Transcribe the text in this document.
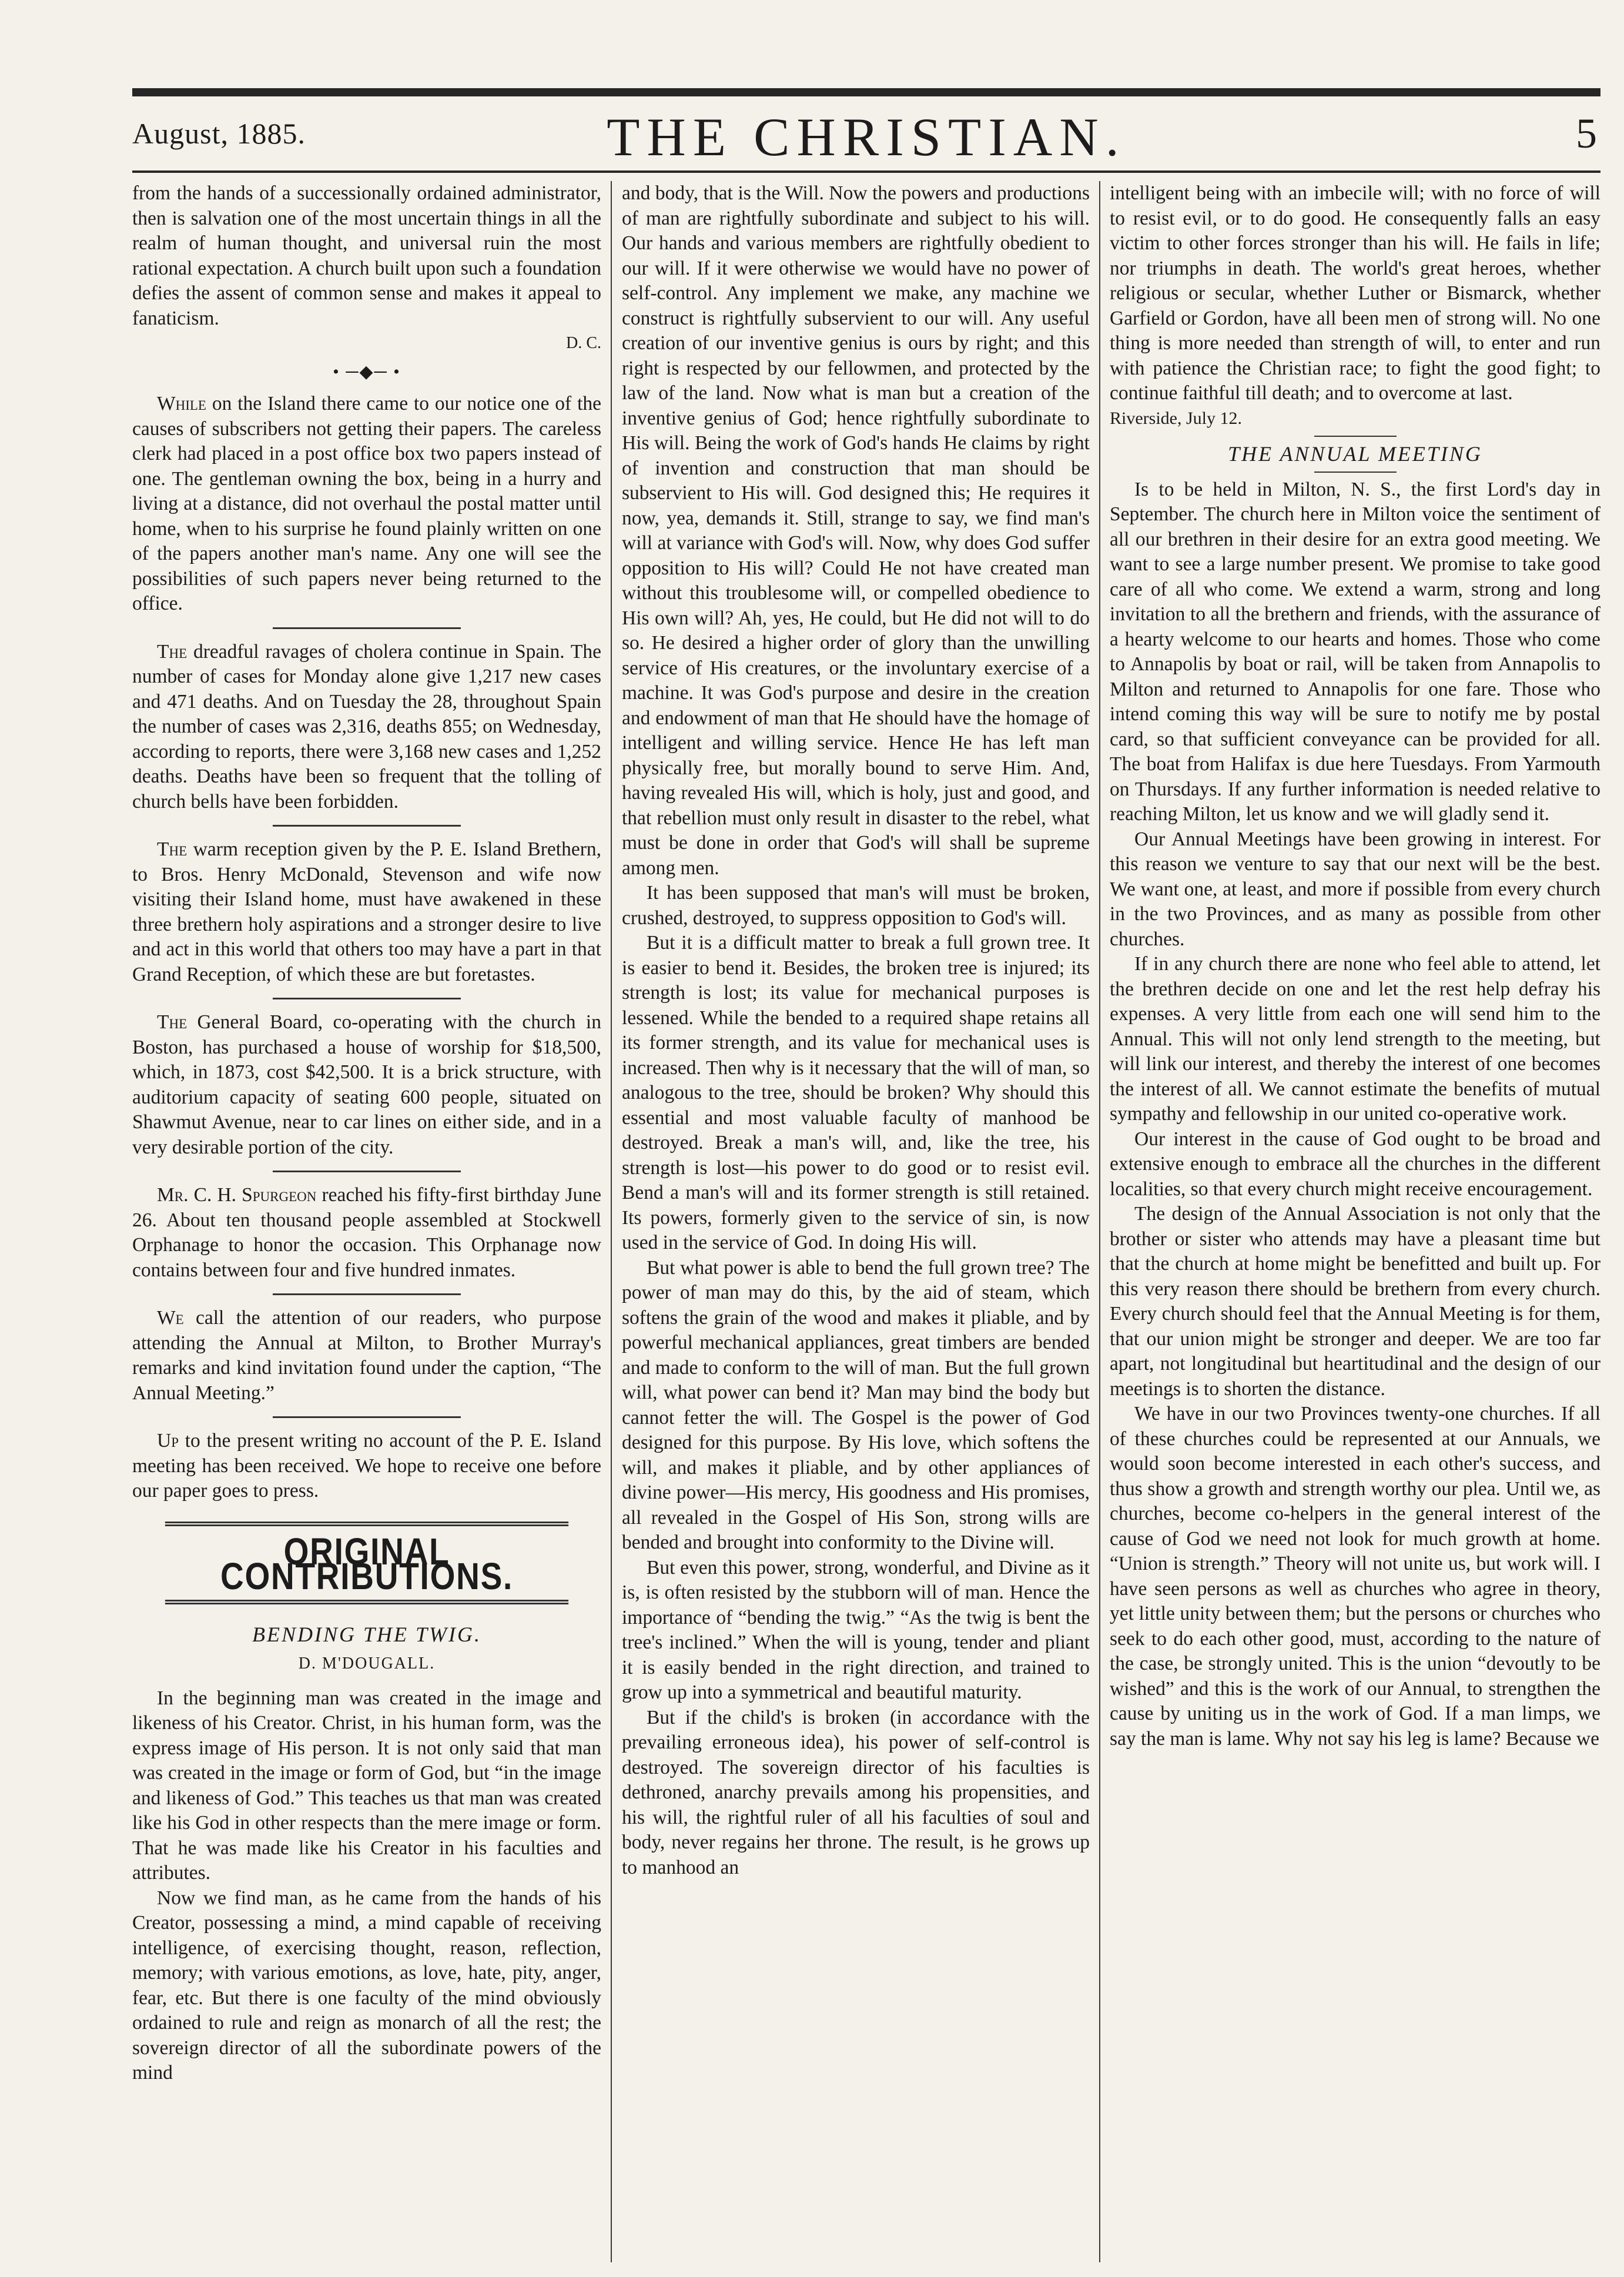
August, 1885.	THE CHRISTIAN.	5

from the hands of a successionally ordained administrator, then is salvation one of the most uncertain things in all the realm of human thought, and universal ruin the most rational expectation. A church built upon such a foundation defies the assent of common sense and makes it appeal to fanaticism.

D. C.
• ─◆─ •

While on the Island there came to our notice one of the causes of subscribers not getting their papers. The careless clerk had placed in a post office box two papers instead of one. The gentleman owning the box, being in a hurry and living at a distance, did not overhaul the postal matter until home, when to his surprise he found plainly written on one of the papers another man's name. Any one will see the possibilities of such papers never being returned to the office.

The dreadful ravages of cholera continue in Spain. The number of cases for Monday alone give 1,217 new cases and 471 deaths. And on Tuesday the 28, throughout Spain the number of cases was 2,316, deaths 855; on Wednesday, according to reports, there were 3,168 new cases and 1,252 deaths. Deaths have been so frequent that the tolling of church bells have been forbidden.

The warm reception given by the P. E. Island Brethern, to Bros. Henry McDonald, Stevenson and wife now visiting their Island home, must have awakened in these three brethern holy aspirations and a stronger desire to live and act in this world that others too may have a part in that Grand Reception, of which these are but foretastes.

The General Board, co-operating with the church in Boston, has purchased a house of worship for $18,500, which, in 1873, cost $42,500. It is a brick structure, with auditorium capacity of seating 600 people, situated on Shawmut Avenue, near to car lines on either side, and in a very desirable portion of the city.

Mr. C. H. Spurgeon reached his fifty-first birthday June 26. About ten thousand people assembled at Stockwell Orphanage to honor the occasion. This Orphanage now contains between four and five hundred inmates.

We call the attention of our readers, who purpose attending the Annual at Milton, to Brother Murray's remarks and kind invitation found under the caption, “The Annual Meeting.”

Up to the present writing no account of the P. E. Island meeting has been received. We hope to receive one before our paper goes to press.

ORIGINAL CONTRIBUTIONS.
BENDING THE TWIG.
D. M'DOUGALL.

In the beginning man was created in the image and likeness of his Creator. Christ, in his human form, was the express image of His person. It is not only said that man was created in the image or form of God, but “in the image and likeness of God.” This teaches us that man was created like his God in other respects than the mere image or form. That he was made like his Creator in his faculties and attributes.

Now we find man, as he came from the hands of his Creator, possessing a mind, a mind capable of receiving intelligence, of exercising thought, reason, reflection, memory; with various emotions, as love, hate, pity, anger, fear, etc. But there is one faculty of the mind obviously ordained to rule and reign as monarch of all the rest; the sovereign director of all the subordinate powers of the mind

and body, that is the Will. Now the powers and productions of man are rightfully subordinate and subject to his will. Our hands and various members are rightfully obedient to our will. If it were otherwise we would have no power of self-control. Any implement we make, any machine we construct is rightfully subservient to our will. Any useful creation of our inventive genius is ours by right; and this right is respected by our fellowmen, and protected by the law of the land. Now what is man but a creation of the inventive genius of God; hence rightfully subordinate to His will. Being the work of God's hands He claims by right of invention and construction that man should be subservient to His will. God designed this; He requires it now, yea, demands it. Still, strange to say, we find man's will at variance with God's will. Now, why does God suffer opposition to His will? Could He not have created man without this troublesome will, or compelled obedience to His own will? Ah, yes, He could, but He did not will to do so. He desired a higher order of glory than the unwilling service of His creatures, or the involuntary exercise of a machine. It was God's purpose and desire in the creation and endowment of man that He should have the homage of intelligent and willing service. Hence He has left man physically free, but morally bound to serve Him. And, having revealed His will, which is holy, just and good, and that rebellion must only result in disaster to the rebel, what must be done in order that God's will shall be supreme among men.

It has been supposed that man's will must be broken, crushed, destroyed, to suppress opposition to God's will.

But it is a difficult matter to break a full grown tree. It is easier to bend it. Besides, the broken tree is injured; its strength is lost; its value for mechanical purposes is lessened. While the bended to a required shape retains all its former strength, and its value for mechanical uses is increased. Then why is it necessary that the will of man, so analogous to the tree, should be broken? Why should this essential and most valuable faculty of manhood be destroyed. Break a man's will, and, like the tree, his strength is lost—his power to do good or to resist evil. Bend a man's will and its former strength is still retained. Its powers, formerly given to the service of sin, is now used in the service of God. In doing His will.

But what power is able to bend the full grown tree? The power of man may do this, by the aid of steam, which softens the grain of the wood and makes it pliable, and by powerful mechanical appliances, great timbers are bended and made to conform to the will of man. But the full grown will, what power can bend it? Man may bind the body but cannot fetter the will. The Gospel is the power of God designed for this purpose. By His love, which softens the will, and makes it pliable, and by other appliances of divine power—His mercy, His goodness and His promises, all revealed in the Gospel of His Son, strong wills are bended and brought into conformity to the Divine will.

But even this power, strong, wonderful, and Divine as it is, is often resisted by the stubborn will of man. Hence the importance of “bending the twig.” “As the twig is bent the tree's inclined.” When the will is young, tender and pliant it is easily bended in the right direction, and trained to grow up into a symmetrical and beautiful maturity.

But if the child's is broken (in accordance with the prevailing erroneous idea), his power of self-control is destroyed. The sovereign director of his faculties is dethroned, anarchy prevails among his propensities, and his will, the rightful ruler of all his faculties of soul and body, never regains her throne. The result, is he grows up to manhood an

intelligent being with an imbecile will; with no force of will to resist evil, or to do good. He consequently falls an easy victim to other forces stronger than his will. He fails in life; nor triumphs in death. The world's great heroes, whether religious or secular, whether Luther or Bismarck, whether Garfield or Gordon, have all been men of strong will. No one thing is more needed than strength of will, to enter and run with patience the Christian race; to fight the good fight; to continue faithful till death; and to overcome at last.

Riverside, July 12.

THE ANNUAL MEETING

Is to be held in Milton, N. S., the first Lord's day in September. The church here in Milton voice the sentiment of all our brethren in their desire for an extra good meeting. We want to see a large number present. We promise to take good care of all who come. We extend a warm, strong and long invitation to all the brethern and friends, with the assurance of a hearty welcome to our hearts and homes. Those who come to Annapolis by boat or rail, will be taken from Annapolis to Milton and returned to Annapolis for one fare. Those who intend coming this way will be sure to notify me by postal card, so that sufficient conveyance can be provided for all. The boat from Halifax is due here Tuesdays. From Yarmouth on Thursdays. If any further information is needed relative to reaching Milton, let us know and we will gladly send it.

Our Annual Meetings have been growing in interest. For this reason we venture to say that our next will be the best. We want one, at least, and more if possible from every church in the two Provinces, and as many as possible from other churches.

If in any church there are none who feel able to attend, let the brethren decide on one and let the rest help defray his expenses. A very little from each one will send him to the Annual. This will not only lend strength to the meeting, but will link our interest, and thereby the interest of one becomes the interest of all. We cannot estimate the benefits of mutual sympathy and fellowship in our united co-operative work.

Our interest in the cause of God ought to be broad and extensive enough to embrace all the churches in the different localities, so that every church might receive encouragement.

The design of the Annual Association is not only that the brother or sister who attends may have a pleasant time but that the church at home might be benefitted and built up. For this very reason there should be brethern from every church. Every church should feel that the Annual Meeting is for them, that our union might be stronger and deeper. We are too far apart, not longitudinal but heartitudinal and the design of our meetings is to shorten the distance.

We have in our two Provinces twenty-one churches. If all of these churches could be represented at our Annuals, we would soon become interested in each other's success, and thus show a growth and strength worthy our plea. Until we, as churches, become co-helpers in the general interest of the cause of God we need not look for much growth at home. “Union is strength.” Theory will not unite us, but work will. I have seen persons as well as churches who agree in theory, yet little unity between them; but the persons or churches who seek to do each other good, must, according to the nature of the case, be strongly united. This is the union “devoutly to be wished” and this is the work of our Annual, to strengthen the cause by uniting us in the work of God. If a man limps, we say the man is lame. Why not say his leg is lame? Because we
